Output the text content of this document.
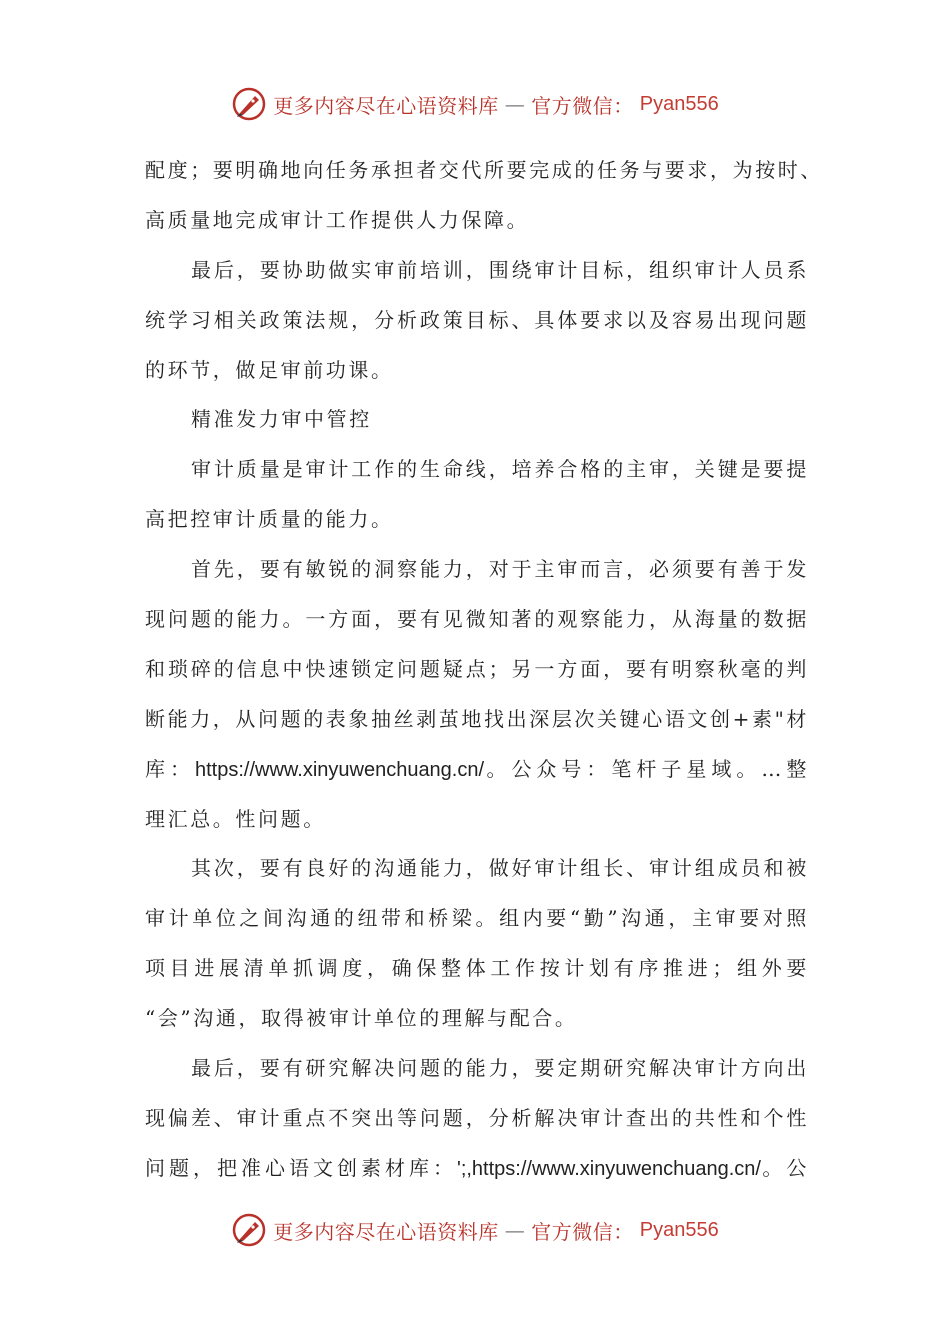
更多内容尽在心语资料库 — 官方微信： Pyan556
配度；要明确地向任务承担者交代所要完成的任务与要求，为按时、
高质量地完成审计工作提供人力保障。
最后，要协助做实审前培训，围绕审计目标，组织审计人员系
统学习相关政策法规，分析政策目标、具体要求以及容易出现问题
的环节，做足审前功课。
精准发力审中管控
审计质量是审计工作的生命线，培养合格的主审，关键是要提
高把控审计质量的能力。
首先，要有敏锐的洞察能力，对于主审而言，必须要有善于发
现问题的能力。一方面，要有见微知著的观察能力，从海量的数据
和琐碎的信息中快速锁定问题疑点；另一方面，要有明察秋毫的判
断能力，从问题的表象抽丝剥茧地找出深层次关键心语文创+素"材
库：https://www.xinyuwenchuang.cn/。公众号：笔杆子星域。…整
理汇总。性问题。
其次，要有良好的沟通能力，做好审计组长、审计组成员和被
审计单位之间沟通的纽带和桥梁。组内要“勤”沟通，主审要对照
项目进展清单抓调度，确保整体工作按计划有序推进；组外要
“会”沟通，取得被审计单位的理解与配合。
最后，要有研究解决问题的能力，要定期研究解决审计方向出
现偏差、审计重点不突出等问题，分析解决审计查出的共性和个性
问题，把准心语文创素材库：';,https://www.xinyuwenchuang.cn/。公
更多内容尽在心语资料库 — 官方微信： Pyan556
